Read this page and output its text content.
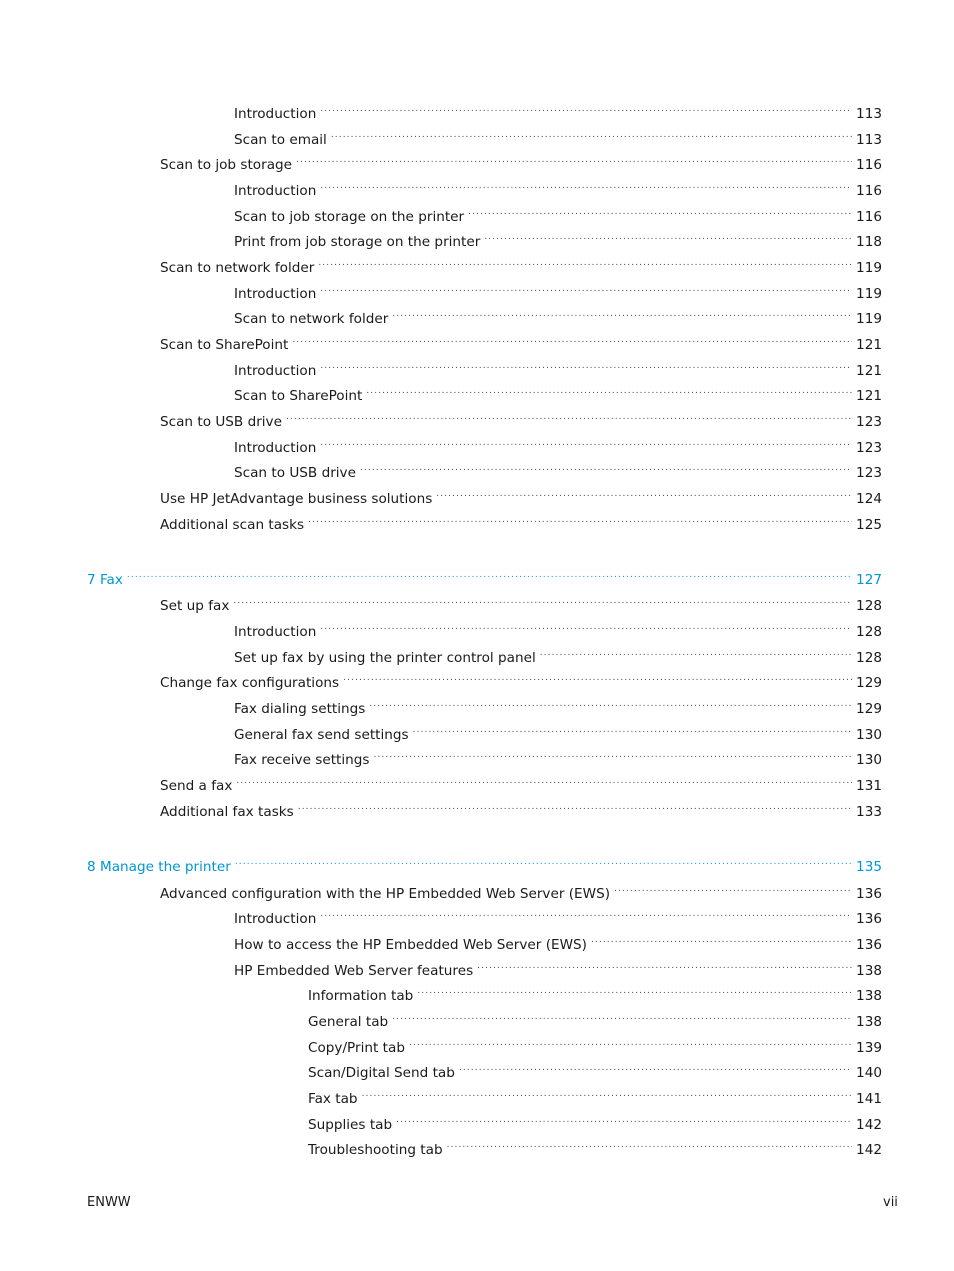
Introduction .....	113
Scan to email .....	113
Scan to job storage .....	116
Introduction .....	116
Scan to job storage on the printer .....	116
Print from job storage on the printer .....	118
Scan to network folder .....	119
Introduction .....	119
Scan to network folder .....	119
Scan to SharePoint .....	121
Introduction .....	121
Scan to SharePoint .....	121
Scan to USB drive .....	123
Introduction .....	123
Scan to USB drive .....	123
Use HP JetAdvantage business solutions .....	124
Additional scan tasks .....	125
7 Fax .....	127
Set up fax .....	128
Introduction .....	128
Set up fax by using the printer control panel .....	128
Change fax configurations .....	129
Fax dialing settings .....	129
General fax send settings .....	130
Fax receive settings .....	130
Send a fax .....	131
Additional fax tasks .....	133
8 Manage the printer .....	135
Advanced configuration with the HP Embedded Web Server (EWS) .....	136
Introduction .....	136
How to access the HP Embedded Web Server (EWS) .....	136
HP Embedded Web Server features .....	138
Information tab .....	138
General tab .....	138
Copy/Print tab .....	139
Scan/Digital Send tab .....	140
Fax tab .....	141
Supplies tab .....	142
Troubleshooting tab .....	142
ENWW	vii
